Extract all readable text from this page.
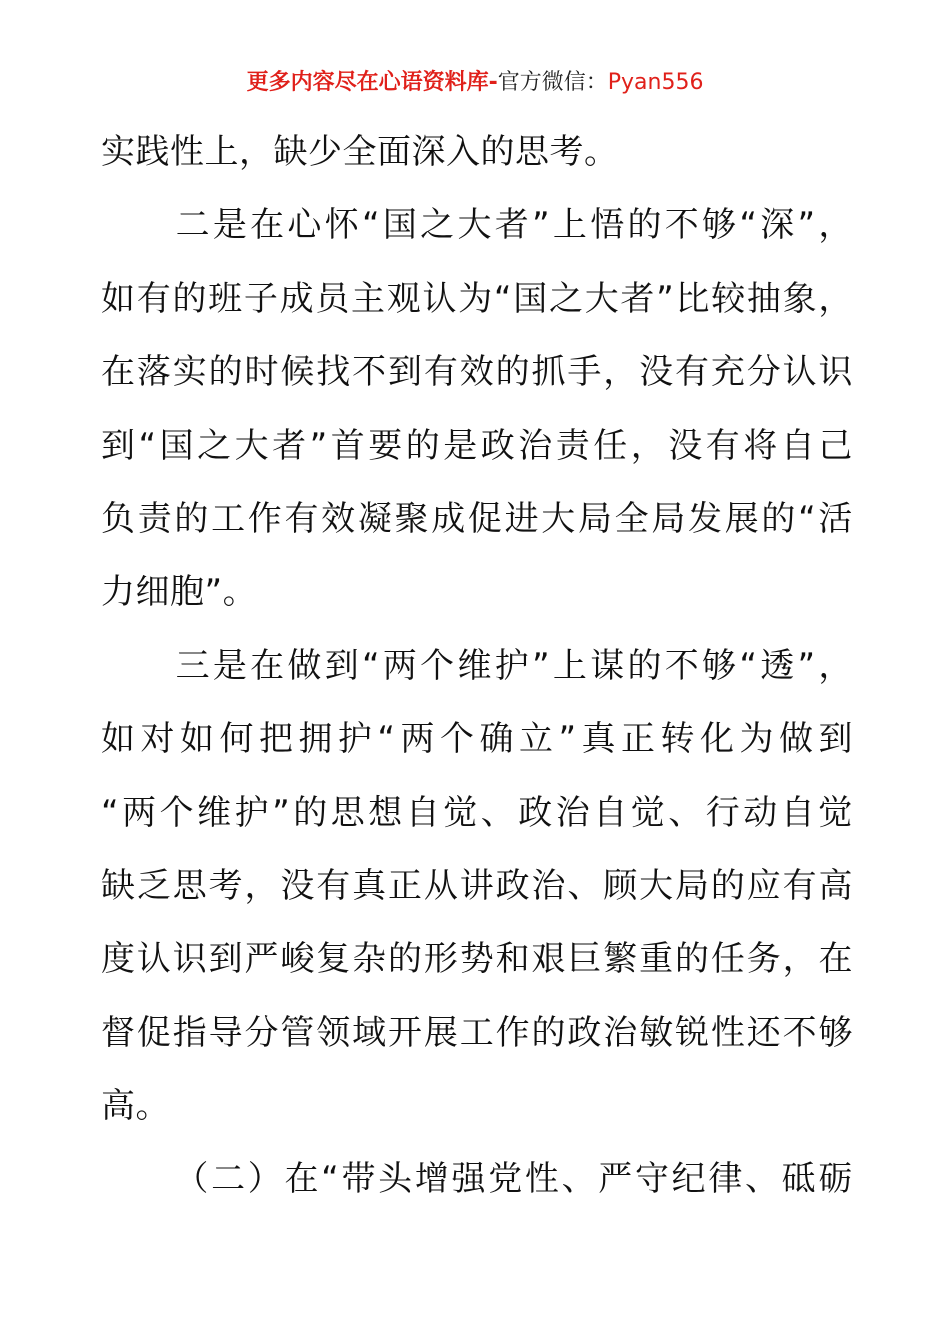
更多内容尽在心语资料库-官方微信：Pyan556
实践性上，缺少全面深入的思考。

二 是 在 心 怀 “ 国 之 大 者 ” 上 悟 的 不 够 “ 深 ” ，
如 有 的 班 子 成 员 主 观 认 为 “ 国 之 大 者 ” 比 较 抽 象 ，
在 落 实 的 时 候 找 不 到 有 效 的 抓 手 ， 没 有 充 分 认 识
到 “ 国 之 大 者 ” 首 要 的 是 政 治 责 任 ， 没 有 将 自 己
负 责 的 工 作 有 效 凝 聚 成 促 进 大 局 全 局 发 展 的 “ 活
力细胞”。

三 是 在 做 到 “ 两 个 维 护 ” 上 谋 的 不 够 “ 透 ” ，
如 对 如 何 把 拥 护 “ 两 个 确 立 ” 真 正 转 化 为 做 到
“ 两 个 维 护 ” 的 思 想 自 觉 、 政 治 自 觉 、 行 动 自 觉
缺 乏 思 考 ， 没 有 真 正 从 讲 政 治 、 顾 大 局 的 应 有 高
度 认 识 到 严 峻 复 杂 的 形 势 和 艰 巨 繁 重 的 任 务 ， 在
督 促 指 导 分 管 领 域 开 展 工 作 的 政 治 敏 锐 性 还 不 够
高。

（ 二 ） 在 “ 带 头 增 强 党 性 、 严 守 纪 律 、 砥 砺
